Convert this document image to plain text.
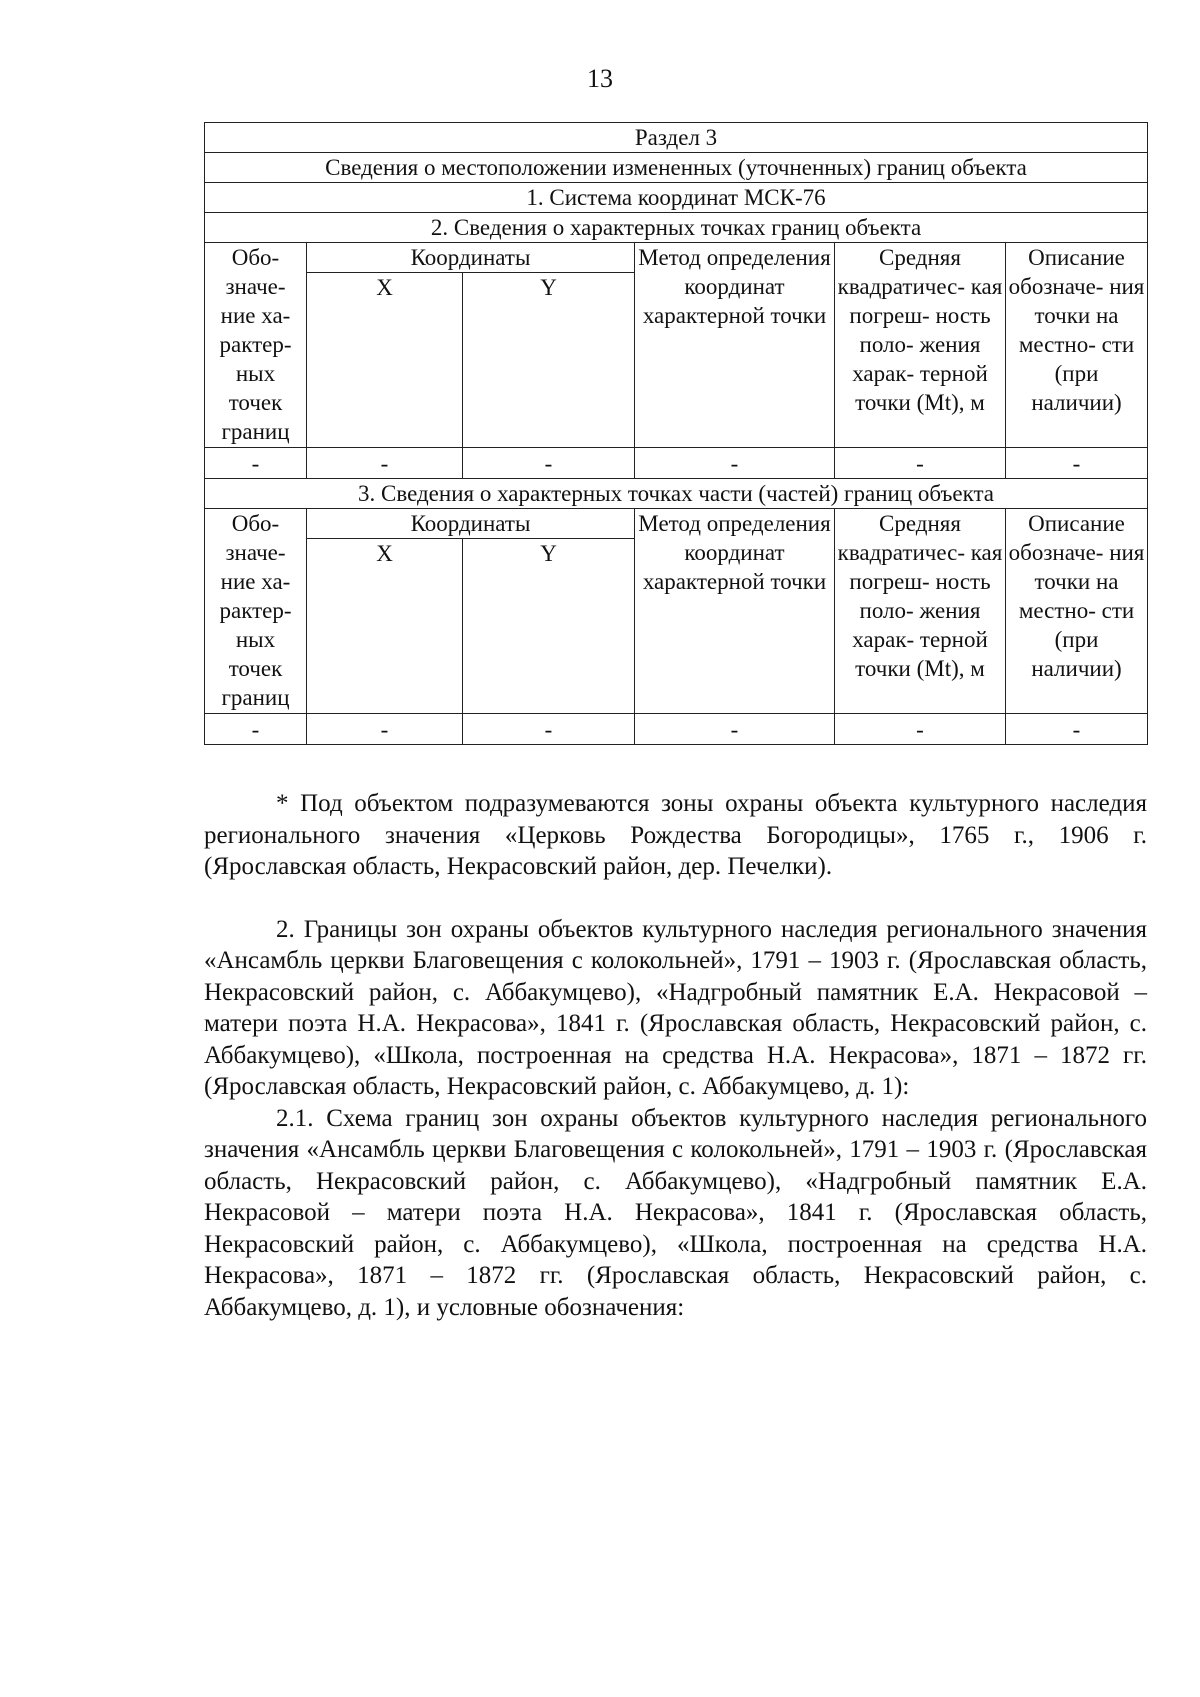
13
Раздел 3					
Сведения о местоположении измененных (уточненных) границ объекта					
1. Система координат МСК-76					
2. Сведения о характерных точках границ объекта					
Обо- значе- ние ха- рактер- ных точек границ	Координаты		Метод определения координат характерной точки	Средняя квадратичес- кая погреш- ность поло- жения харак- терной точки (Mt), м	Описание обозначе- ния точки на местно- сти (при наличии)
	X	Y			
-	-	-	-	-	-
3. Сведения о характерных точках части (частей) границ объекта					
Обо- значе- ние ха- рактер- ных точек границ	Координаты		Метод определения координат характерной точки	Средняя квадратичес- кая погреш- ность поло- жения харак- терной точки (Mt), м	Описание обозначе- ния точки на местно- сти (при наличии)
	X	Y			
-	-	-	-	-	-

* Под объектом подразумеваются зоны охраны объекта культурного наследия регионального значения «Церковь Рождества Богородицы», 1765 г., 1906 г. (Ярославская область, Некрасовский район, дер. Печелки).

2. Границы зон охраны объектов культурного наследия регионального значения «Ансамбль церкви Благовещения с колокольней», 1791 – 1903 г. (Ярославская область, Некрасовский район, с. Аббакумцево), «Надгробный памятник Е.А. Некрасовой – матери поэта Н.А. Некрасова», 1841 г. (Ярославская область, Некрасовский район, с. Аббакумцево), «Школа, построенная на средства Н.А. Некрасова», 1871 – 1872 гг. (Ярославская область, Некрасовский район, с. Аббакумцево, д. 1):

2.1. Схема границ зон охраны объектов культурного наследия регионального значения «Ансамбль церкви Благовещения с колокольней», 1791 – 1903 г. (Ярославская область, Некрасовский район, с. Аббакумцево), «Надгробный памятник Е.А. Некрасовой – матери поэта Н.А. Некрасова», 1841 г. (Ярославская область, Некрасовский район, с. Аббакумцево), «Школа, построенная на средства Н.А. Некрасова», 1871 – 1872 гг. (Ярославская область, Некрасовский район, с. Аббакумцево, д. 1), и условные обозначения:
